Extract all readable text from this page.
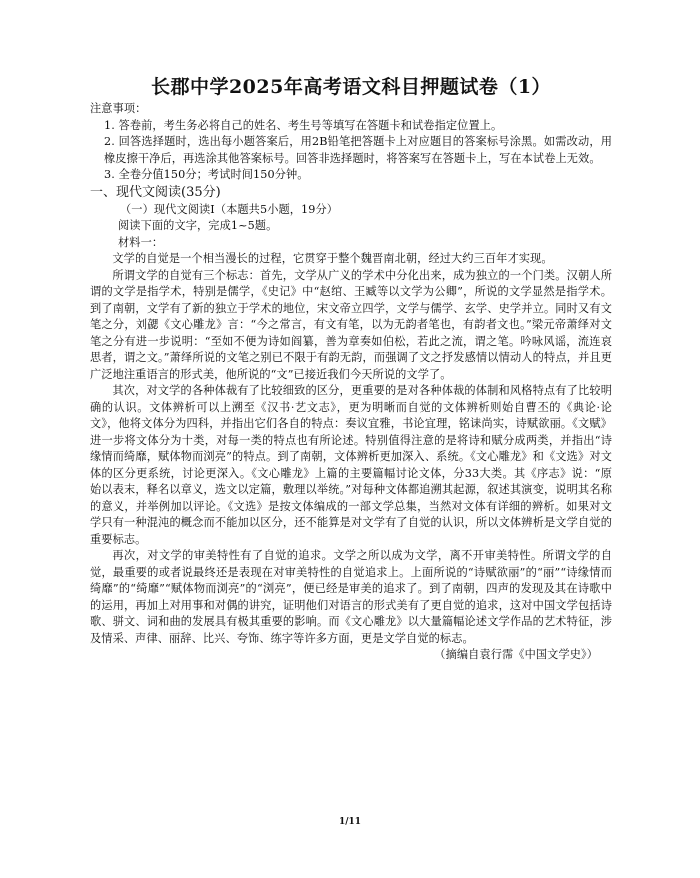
长郡中学2025年高考语文科目押题试卷（1）

注意事项：

1. 答卷前，考生务必将自己的姓名、考生号等填写在答题卡和试卷指定位置上。

2. 回答选择题时，选出每小题答案后，用2B铅笔把答题卡上对应题目的答案标号涂黑。如需改动，用橡皮擦干净后，再选涂其他答案标号。回答非选择题时，将答案写在答题卡上，写在本试卷上无效。

3. 全卷分值150分；考试时间150分钟。

一、现代文阅读(35分)

（一）现代文阅读Ⅰ（本题共5小题，19分）

阅读下面的文字，完成1~5题。

材料一：

文学的自觉是一个相当漫长的过程，它贯穿于整个魏晋南北朝，经过大约三百年才实现。

所谓文学的自觉有三个标志：首先，文学从广义的学术中分化出来，成为独立的一个门类。汉朝人所谓的文学是指学术，特别是儒学，《史记》中“赵绾、王臧等以文学为公卿”，所说的文学显然是指学术。到了南朝，文学有了新的独立于学术的地位，宋文帝立四学，文学与儒学、玄学、史学并立。同时又有文笔之分，刘勰《文心雕龙》言：“今之常言，有文有笔，以为无韵者笔也，有韵者文也。”梁元帝萧绎对文笔之分有进一步说明：“至如不便为诗如阎纂，善为章奏如伯松，若此之流，谓之笔。吟咏风谣，流连哀思者，谓之文。”萧绎所说的文笔之别已不限于有韵无韵，而强调了文之抒发感情以情动人的特点，并且更广泛地注重语言的形式美，他所说的“文”已接近我们今天所说的文学了。

其次，对文学的各种体裁有了比较细致的区分，更重要的是对各种体裁的体制和风格特点有了比较明确的认识。文体辨析可以上溯至《汉书·艺文志》，更为明晰而自觉的文体辨析则始自曹丕的《典论·论文》，他将文体分为四科，并指出它们各自的特点：奏议宜雅，书论宜理，铭诔尚实，诗赋欲丽。《文赋》进一步将文体分为十类，对每一类的特点也有所论述。特别值得注意的是将诗和赋分成两类，并指出“诗缘情而绮靡，赋体物而浏亮”的特点。到了南朝，文体辨析更加深入、系统。《文心雕龙》和《文选》对文体的区分更系统，讨论更深入。《文心雕龙》上篇的主要篇幅讨论文体，分33大类。其《序志》说：“原始以表末，释名以章义，选文以定篇，敷理以举统。”对每种文体都追溯其起源，叙述其演变，说明其名称的意义，并举例加以评论。《文选》是按文体编成的一部文学总集，当然对文体有详细的辨析。如果对文学只有一种混沌的概念而不能加以区分，还不能算是对文学有了自觉的认识，所以文体辨析是文学自觉的重要标志。

再次，对文学的审美特性有了自觉的追求。文学之所以成为文学，离不开审美特性。所谓文学的自觉，最重要的或者说最终还是表现在对审美特性的自觉追求上。上面所说的“诗赋欲丽”的“丽”“诗缘情而绮靡”的“绮靡”“赋体物而浏亮”的“浏亮”，便已经是审美的追求了。到了南朝，四声的发现及其在诗歌中的运用，再加上对用事和对偶的讲究，证明他们对语言的形式美有了更自觉的追求，这对中国文学包括诗歌、骈文、词和曲的发展具有极其重要的影响。而《文心雕龙》以大量篇幅论述文学作品的艺术特征，涉及情采、声律、丽辞、比兴、夸饰、练字等许多方面，更是文学自觉的标志。

（摘编自袁行霈《中国文学史》）

1/11
